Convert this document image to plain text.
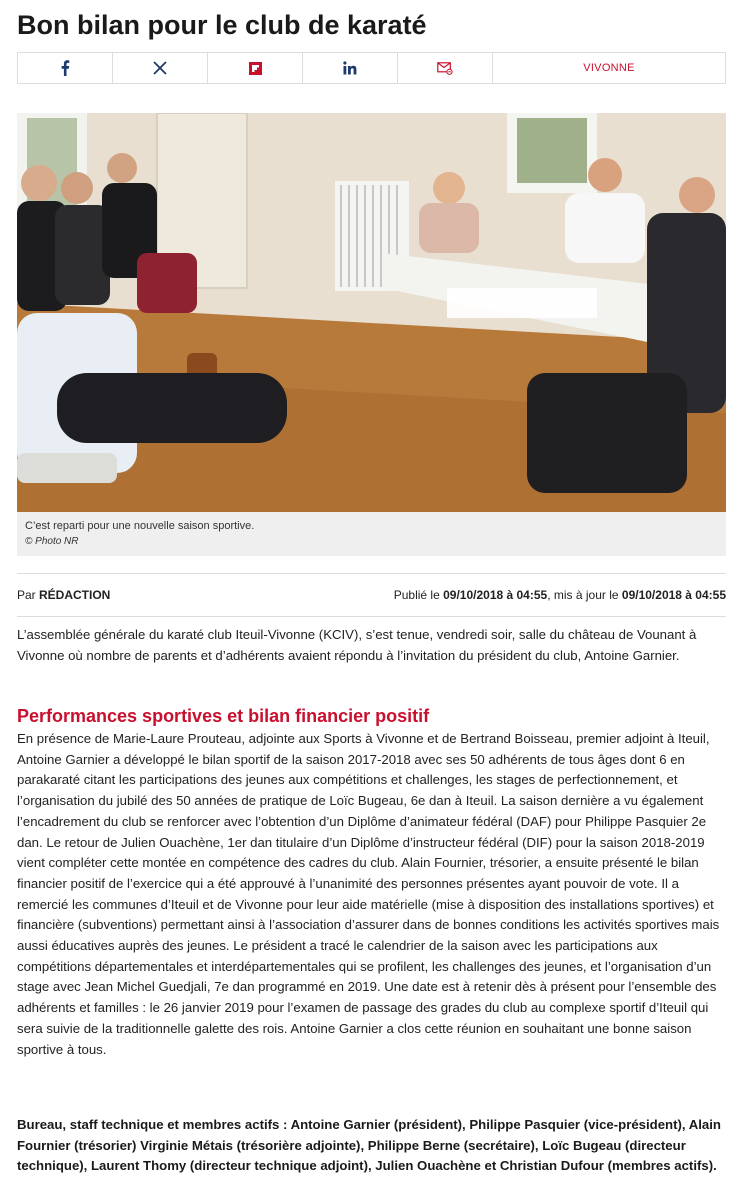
Bon bilan pour le club de karaté
VIVONNE
C’est reparti pour une nouvelle saison sportive.
© Photo NR
Par RÉDACTION	Publié le 09/10/2018 à 04:55, mis à jour le 09/10/2018 à 04:55

L’assemblée générale du karaté club Iteuil-Vivonne (KCIV), s’est tenue, vendredi soir, salle du château de Vounant à Vivonne où nombre de parents et d’adhérents avaient répondu à l’invitation du président du club, Antoine Garnier.

Performances sportives et bilan financier positif

En présence de Marie-Laure Prouteau, adjointe aux Sports à Vivonne et de Bertrand Boisseau, premier adjoint à Iteuil, Antoine Garnier a développé le bilan sportif de la saison 2017-2018 avec ses 50 adhérents de tous âges dont 6 en parakaraté citant les participations des jeunes aux compétitions et challenges, les stages de perfectionnement, et l’organisation du jubilé des 50 années de pratique de Loïc Bugeau, 6e dan à Iteuil. La saison dernière a vu également l’encadrement du club se renforcer avec l’obtention d’un Diplôme d’animateur fédéral (DAF) pour Philippe Pasquier 2e dan. Le retour de Julien Ouachène, 1er dan titulaire d’un Diplôme d’instructeur fédéral (DIF) pour la saison 2018-2019 vient compléter cette montée en compétence des cadres du club. Alain Fournier, trésorier, a ensuite présenté le bilan financier positif de l’exercice qui a été approuvé à l’unanimité des personnes présentes ayant pouvoir de vote. Il a remercié les communes d’Iteuil et de Vivonne pour leur aide matérielle (mise à disposition des installations sportives) et financière (subventions) permettant ainsi à l’association d’assurer dans de bonnes conditions les activités sportives mais aussi éducatives auprès des jeunes. Le président a tracé le calendrier de la saison avec les participations aux compétitions départementales et interdépartementales qui se profilent, les challenges des jeunes, et l’organisation d’un stage avec Jean Michel Guedjali, 7e dan programmé en 2019. Une date est à retenir dès à présent pour l’ensemble des adhérents et familles : le 26 janvier 2019 pour l’examen de passage des grades du club au complexe sportif d’Iteuil qui sera suivie de la traditionnelle galette des rois. Antoine Garnier a clos cette réunion en souhaitant une bonne saison sportive à tous.

Bureau, staff technique et membres actifs : Antoine Garnier (président), Philippe Pasquier (vice-président), Alain Fournier (trésorier) Virginie Métais (trésorière adjointe), Philippe Berne (secrétaire), Loïc Bugeau (directeur technique), Laurent Thomy (directeur technique adjoint), Julien Ouachène et Christian Dufour (membres actifs).
